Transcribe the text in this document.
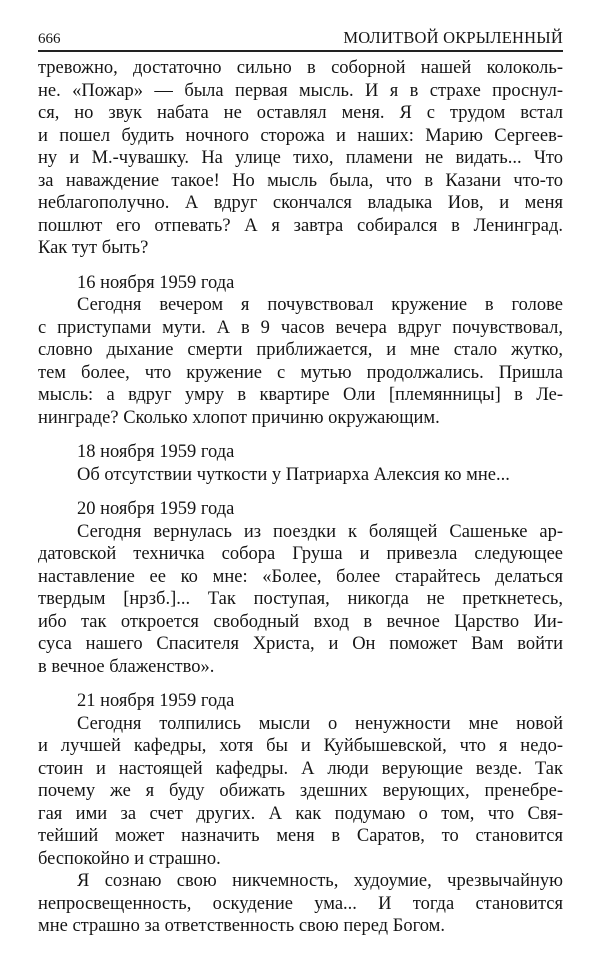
666	МОЛИТВОЙ ОКРЫЛЕННЫЙ
тревожно, достаточно сильно в соборной нашей колоколь-
не. «Пожар» — была первая мысль. И я в страхе проснул-
ся, но звук набата не оставлял меня. Я с трудом встал
и пошел будить ночного сторожа и наших: Марию Сергеев-
ну и М.-чувашку. На улице тихо, пламени не видать... Что
за наваждение такое! Но мысль была, что в Казани что-то
неблагополучно. А вдруг скончался владыка Иов, и меня
пошлют его отпевать? А я завтра собирался в Ленинград.
Как тут быть?
16 ноября 1959 года
Сегодня вечером я почувствовал кружение в голове
с приступами мути. А в 9 часов вечера вдруг почувствовал,
словно дыхание смерти приближается, и мне стало жутко,
тем более, что кружение с мутью продолжались. Пришла
мысль: а вдруг умру в квартире Оли [племянницы] в Ле-
нинграде? Сколько хлопот причиню окружающим.
18 ноября 1959 года
Об отсутствии чуткости у Патриарха Алексия ко мне...
20 ноября 1959 года
Сегодня вернулась из поездки к болящей Сашеньке ар-
датовской техничка собора Груша и привезла следующее
наставление ее ко мне: «Более, более старайтесь делаться
твердым [нрзб.]... Так поступая, никогда не преткнетесь,
ибо так откроется свободный вход в вечное Царство Ии-
суса нашего Спасителя Христа, и Он поможет Вам войти
в вечное блаженство».
21 ноября 1959 года
Сегодня толпились мысли о ненужности мне новой
и лучшей кафедры, хотя бы и Куйбышевской, что я недо-
стоин и настоящей кафедры. А люди верующие везде. Так
почему же я буду обижать здешних верующих, пренебре-
гая ими за счет других. А как подумаю о том, что Свя-
тейший может назначить меня в Саратов, то становится
беспокойно и страшно.
Я сознаю свою никчемность, худоумие, чрезвычайную
непросвещенность, оскудение ума... И тогда становится
мне страшно за ответственность свою перед Богом.
